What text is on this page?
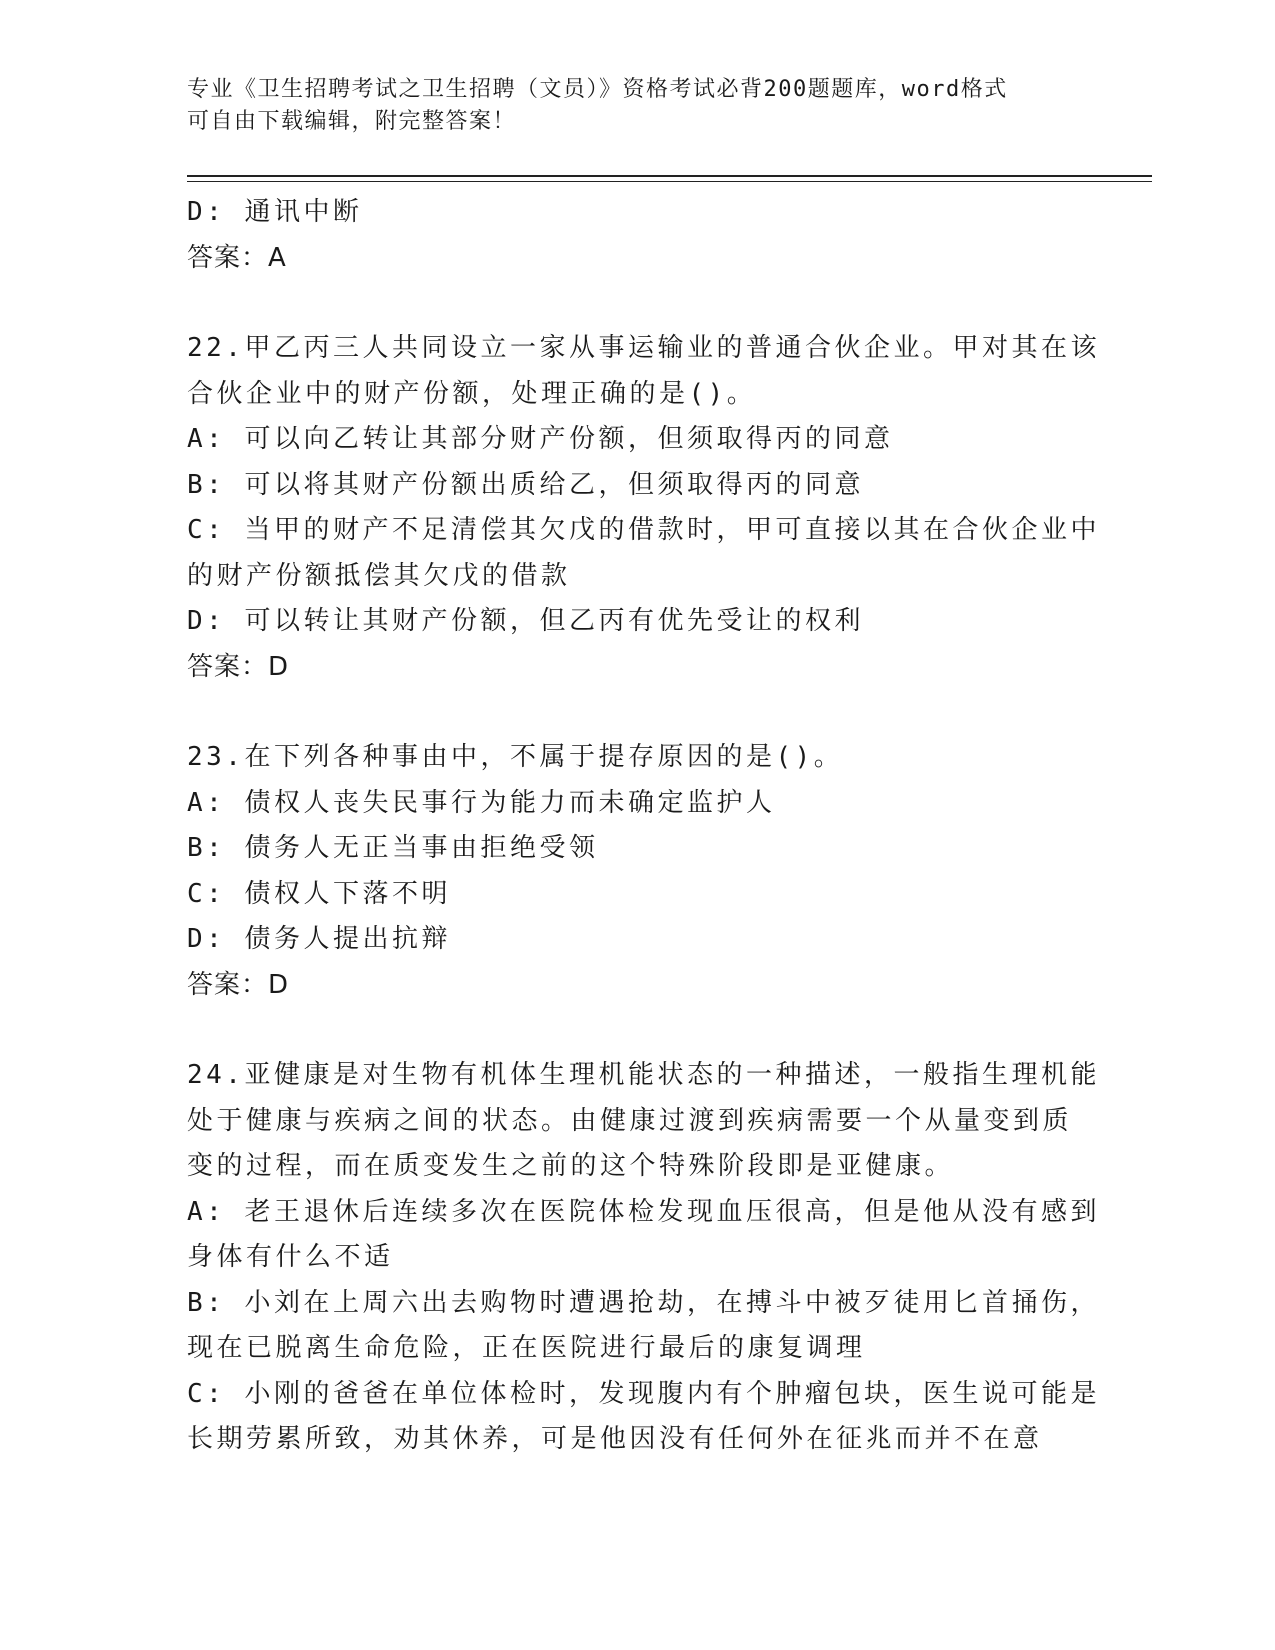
专业《卫生招聘考试之卫生招聘（文员）》资格考试必背200题题库，word格式
可自由下载编辑，附完整答案！
D: 通讯中断
答案：A
22.甲乙丙三人共同设立一家从事运输业的普通合伙企业。甲对其在该
合伙企业中的财产份额，处理正确的是()。
A: 可以向乙转让其部分财产份额，但须取得丙的同意
B: 可以将其财产份额出质给乙，但须取得丙的同意
C: 当甲的财产不足清偿其欠戊的借款时，甲可直接以其在合伙企业中
的财产份额抵偿其欠戊的借款
D: 可以转让其财产份额，但乙丙有优先受让的权利
答案：D
23.在下列各种事由中，不属于提存原因的是()。
A: 债权人丧失民事行为能力而未确定监护人
B: 债务人无正当事由拒绝受领
C: 债权人下落不明
D: 债务人提出抗辩
答案：D
24.亚健康是对生物有机体生理机能状态的一种描述，一般指生理机能
处于健康与疾病之间的状态。由健康过渡到疾病需要一个从量变到质
变的过程，而在质变发生之前的这个特殊阶段即是亚健康。
A: 老王退休后连续多次在医院体检发现血压很高，但是他从没有感到
身体有什么不适
B: 小刘在上周六出去购物时遭遇抢劫，在搏斗中被歹徒用匕首捅伤，
现在已脱离生命危险，正在医院进行最后的康复调理
C: 小刚的爸爸在单位体检时，发现腹内有个肿瘤包块，医生说可能是
长期劳累所致，劝其休养，可是他因没有任何外在征兆而并不在意
